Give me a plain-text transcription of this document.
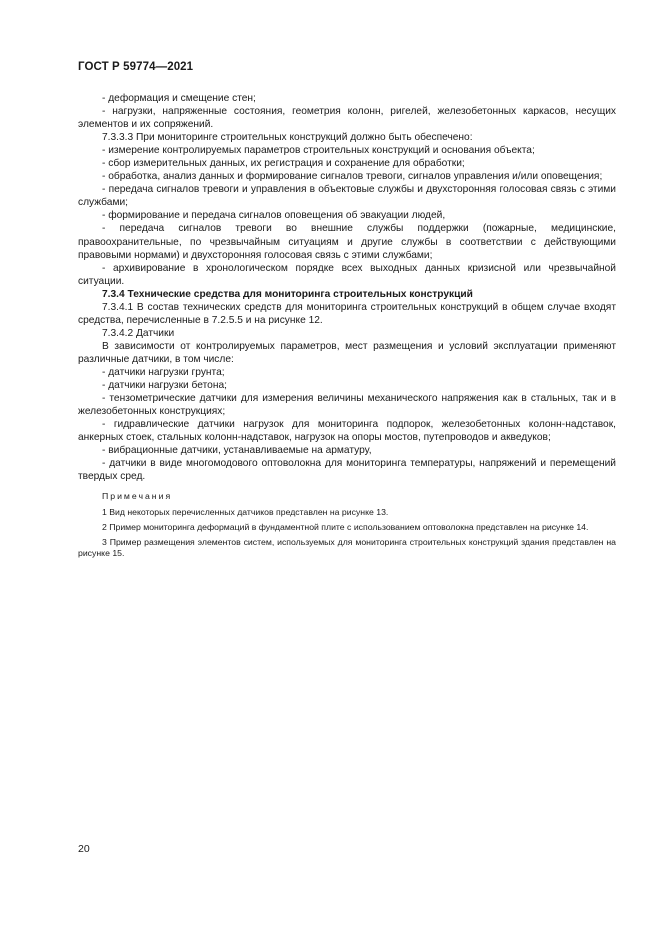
ГОСТ Р 59774—2021

- деформация и смещение стен;

- нагрузки, напряженные состояния, геометрия колонн, ригелей, железобетонных каркасов, несущих элементов и их сопряжений.

7.3.3.3 При мониторинге строительных конструкций должно быть обеспечено:

- измерение контролируемых параметров строительных конструкций и основания объекта;

- сбор измерительных данных, их регистрация и сохранение для обработки;

- обработка, анализ данных и формирование сигналов тревоги, сигналов управления и/или оповещения;

- передача сигналов тревоги и управления в объектовые службы и двухсторонняя голосовая связь с этими службами;

- формирование и передача сигналов оповещения об эвакуации людей,

- передача сигналов тревоги во внешние службы поддержки (пожарные, медицинские, правоохранительные, по чрезвычайным ситуациям и другие службы в соответствии с действующими правовыми нормами) и двухсторонняя голосовая связь с этими службами;

- архивирование в хронологическом порядке всех выходных данных кризисной или чрезвычайной ситуации.

7.3.4 Технические средства для мониторинга строительных конструкций

7.3.4.1 В состав технических средств для мониторинга строительных конструкций в общем случае входят средства, перечисленные в 7.2.5.5 и на рисунке 12.

7.3.4.2 Датчики

В зависимости от контролируемых параметров, мест размещения и условий эксплуатации применяют различные датчики, в том числе:

- датчики нагрузки грунта;

- датчики нагрузки бетона;

- тензометрические датчики для измерения величины механического напряжения как в стальных, так и в железобетонных конструкциях;

- гидравлические датчики нагрузок для мониторинга подпорок, железобетонных колонн-надставок, анкерных стоек, стальных колонн-надставок, нагрузок на опоры мостов, путепроводов и акведуков;

- вибрационные датчики, устанавливаемые на арматуру,

- датчики в виде многомодового оптоволокна для мониторинга температуры, напряжений и перемещений твердых сред.

Примечания

1 Вид некоторых перечисленных датчиков представлен на рисунке 13.

2 Пример мониторинга деформаций в фундаментной плите с использованием оптоволокна представлен на рисунке 14.

3 Пример размещения элементов систем, используемых для мониторинга строительных конструкций здания представлен на рисунке 15.

20
